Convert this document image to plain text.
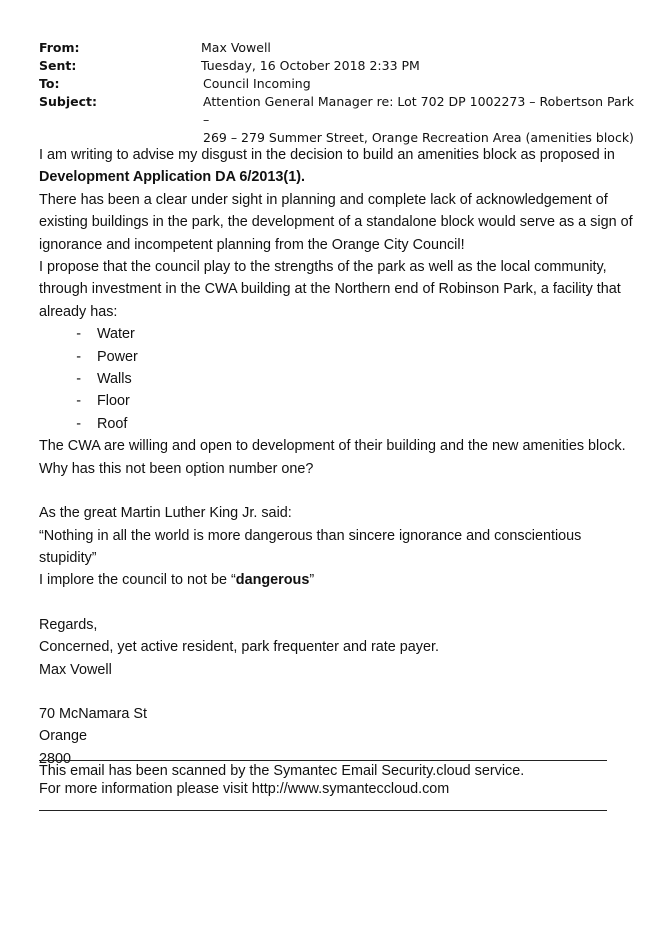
From:	Max Vowell
Sent:	Tuesday, 16 October 2018 2:33 PM
To:	Council Incoming
Subject:	Attention General Manager re: Lot 702 DP 1002273 – Robertson Park –
269 – 279 Summer Street, Orange Recreation Area (amenities block)

I am writing to advise my disgust in the decision to build an amenities block as proposed in
Development Application DA 6/2013(1).

There has been a clear under sight in planning and complete lack of acknowledgement of existing buildings in the park, the development of a standalone block would serve as a sign of ignorance and incompetent planning from the Orange City Council!

I propose that the council play to the strengths of the park as well as the local community, through investment in the CWA building at the Northern end of Robinson Park, a facility that already has:

-	Water
-	Power
-	Walls
-	Floor
-	Roof

The CWA are willing and open to development of their building and the new amenities block.

Why has this not been option number one?

As the great Martin Luther King Jr. said:

“Nothing in all the world is more dangerous than sincere ignorance and conscientious stupidity”

I implore the council to not be “dangerous”

Regards,

Concerned, yet active resident, park frequenter and rate payer.

Max Vowell

70 McNamara St

Orange

2800

This email has been scanned by the Symantec Email Security.cloud service.
For more information please visit http://www.symanteccloud.com
